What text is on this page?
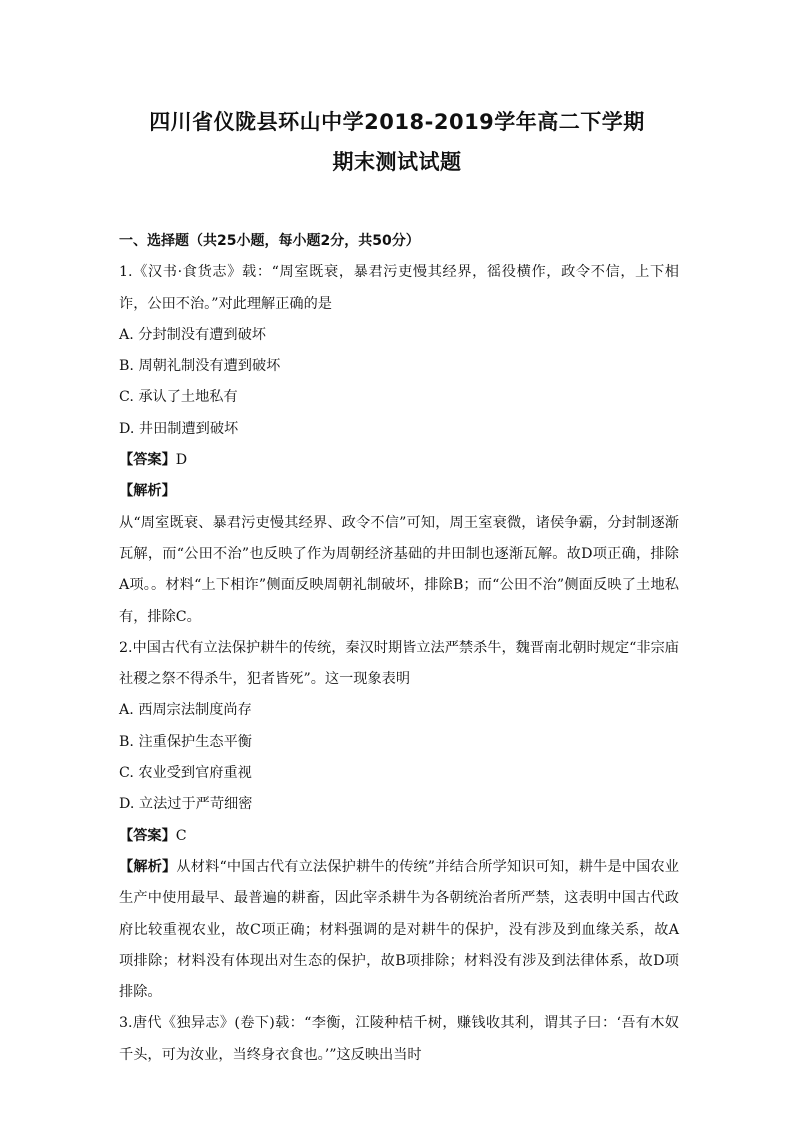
四川省仪陇县环山中学2018-2019学年高二下学期
期末测试试题

一、选择题（共25小题，每小题2分，共50分）

1.《汉书·食货志》载：“周室既衰，暴君污吏慢其经界，徭役横作，政令不信，上下相诈，公田不治。”对此理解正确的是

A. 分封制没有遭到破坏

B. 周朝礼制没有遭到破坏

C. 承认了土地私有

D. 井田制遭到破坏

【答案】D

【解析】

从“周室既衰、暴君污吏慢其经界、政令不信”可知，周王室衰微，诸侯争霸，分封制逐渐瓦解，而“公田不治”也反映了作为周朝经济基础的井田制也逐渐瓦解。故D项正确，排除A项。。材料“上下相诈”侧面反映周朝礼制破坏，排除B；而“公田不治”侧面反映了土地私有，排除C。

2.中国古代有立法保护耕牛的传统，秦汉时期皆立法严禁杀牛，魏晋南北朝时规定“非宗庙社稷之祭不得杀牛，犯者皆死”。这一现象表明

A. 西周宗法制度尚存

B. 注重保护生态平衡

C. 农业受到官府重视

D. 立法过于严苛细密

【答案】C

【解析】从材料“中国古代有立法保护耕牛的传统”并结合所学知识可知，耕牛是中国农业生产中使用最早、最普遍的耕畜，因此宰杀耕牛为各朝统治者所严禁，这表明中国古代政府比较重视农业，故C项正确；材料强调的是对耕牛的保护，没有涉及到血缘关系，故A项排除；材料没有体现出对生态的保护，故B项排除；材料没有涉及到法律体系，故D项排除。

3.唐代《独异志》(卷下)载：“李衡，江陵种桔千树，赚钱收其利，谓其子曰：‘吾有木奴千头，可为汝业，当终身衣食也。’”这反映出当时
